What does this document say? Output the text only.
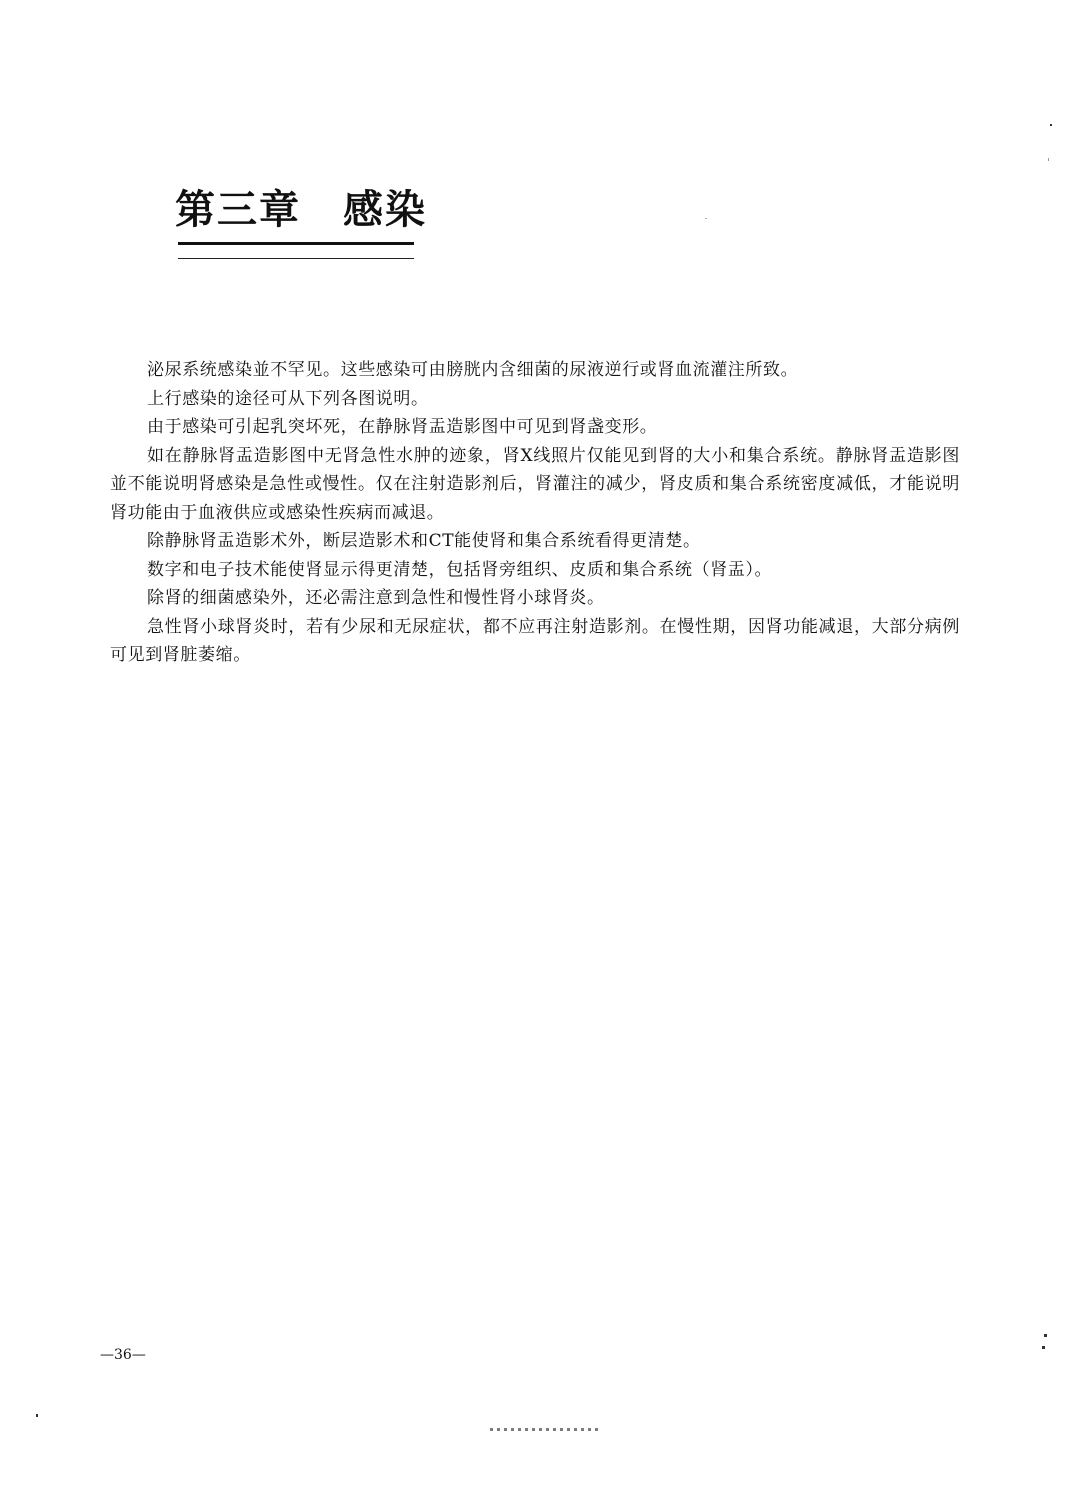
第三章 感染

泌尿系统感染並不罕见。这些感染可由膀胱内含细菌的尿液逆行或肾血流灌注所致。

上行感染的途径可从下列各图说明。

由于感染可引起乳突坏死，在静脉肾盂造影图中可见到肾盏变形。

如在静脉肾盂造影图中无肾急性水肿的迹象，肾X线照片仅能见到肾的大小和集合系统。静脉肾盂造影图並不能说明肾感染是急性或慢性。仅在注射造影剂后，肾灌注的减少，肾皮质和集合系统密度减低，才能说明肾功能由于血液供应或感染性疾病而减退。

除静脉肾盂造影术外，断层造影术和CT能使肾和集合系统看得更清楚。

数字和电子技术能使肾显示得更清楚，包括肾旁组织、皮质和集合系统（肾盂）。

除肾的细菌感染外，还必需注意到急性和慢性肾小球肾炎。

急性肾小球肾炎时，若有少尿和无尿症状，都不应再注射造影剂。在慢性期，因肾功能减退，大部分病例可见到肾脏萎缩。

—36—
